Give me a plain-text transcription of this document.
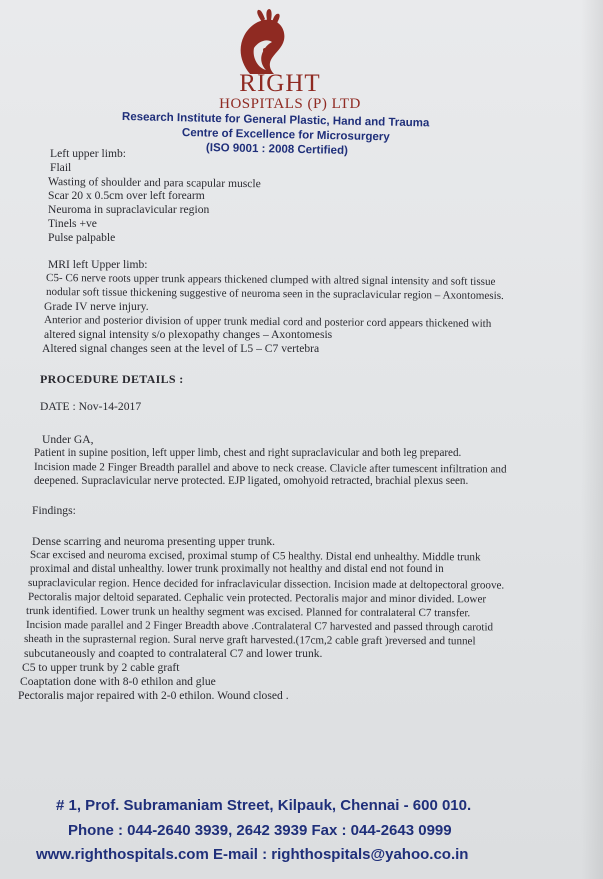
RIGHT
HOSPITALS (P) LTD
Research Institute for General Plastic, Hand and Trauma
Centre of Excellence for Microsurgery
(ISO 9001 : 2008 Certified)
Left upper limb:
Flail
Wasting of shoulder and para scapular muscle
Scar 20 x 0.5cm over left forearm
Neuroma in supraclavicular region
Tinels +ve
Pulse palpable
MRI left Upper limb:
C5- C6 nerve roots upper trunk appears thickened clumped with altred signal intensity and soft tissue
nodular soft tissue thickening suggestive of neuroma seen in the supraclavicular region – Axontomesis.
Grade IV nerve injury.
Anterior and posterior division of upper trunk medial cord and posterior cord appears thickened with
altered signal intensity s/o plexopathy changes – Axontomesis
Altered signal changes seen at the level of L5 – C7 vertebra
PROCEDURE DETAILS :
DATE : Nov-14-2017
Under GA,
Patient in supine position, left upper limb, chest and right supraclavicular and both leg prepared.
Incision made 2 Finger Breadth parallel and above to neck crease. Clavicle after tumescent infiltration and
deepened. Supraclavicular nerve protected. EJP ligated, omohyoid retracted, brachial plexus seen.
Findings:
Dense scarring and neuroma presenting upper trunk.
Scar excised and neuroma excised, proximal stump of C5 healthy. Distal end unhealthy. Middle trunk
proximal and distal unhealthy. lower trunk proximally not healthy and distal end not found in
supraclavicular region. Hence decided for infraclavicular dissection. Incision made at deltopectoral groove.
Pectoralis major deltoid separated. Cephalic vein protected. Pectoralis major and minor divided. Lower
trunk identified. Lower trunk un healthy segment was excised. Planned for contralateral C7 transfer.
Incision made parallel and 2 Finger Breadth above .Contralateral C7 harvested and passed through carotid
sheath in the suprasternal region. Sural nerve graft harvested.(17cm,2 cable graft )reversed and tunnel
subcutaneously and coapted to contralateral C7 and lower trunk.
C5 to upper trunk by 2 cable graft
Coaptation done with 8-0 ethilon and glue
Pectoralis major repaired with 2-0 ethilon. Wound closed .
# 1, Prof. Subramaniam Street, Kilpauk, Chennai - 600 010.
Phone : 044-2640 3939, 2642 3939 Fax : 044-2643 0999
www.righthospitals.com E-mail : righthospitals@yahoo.co.in
